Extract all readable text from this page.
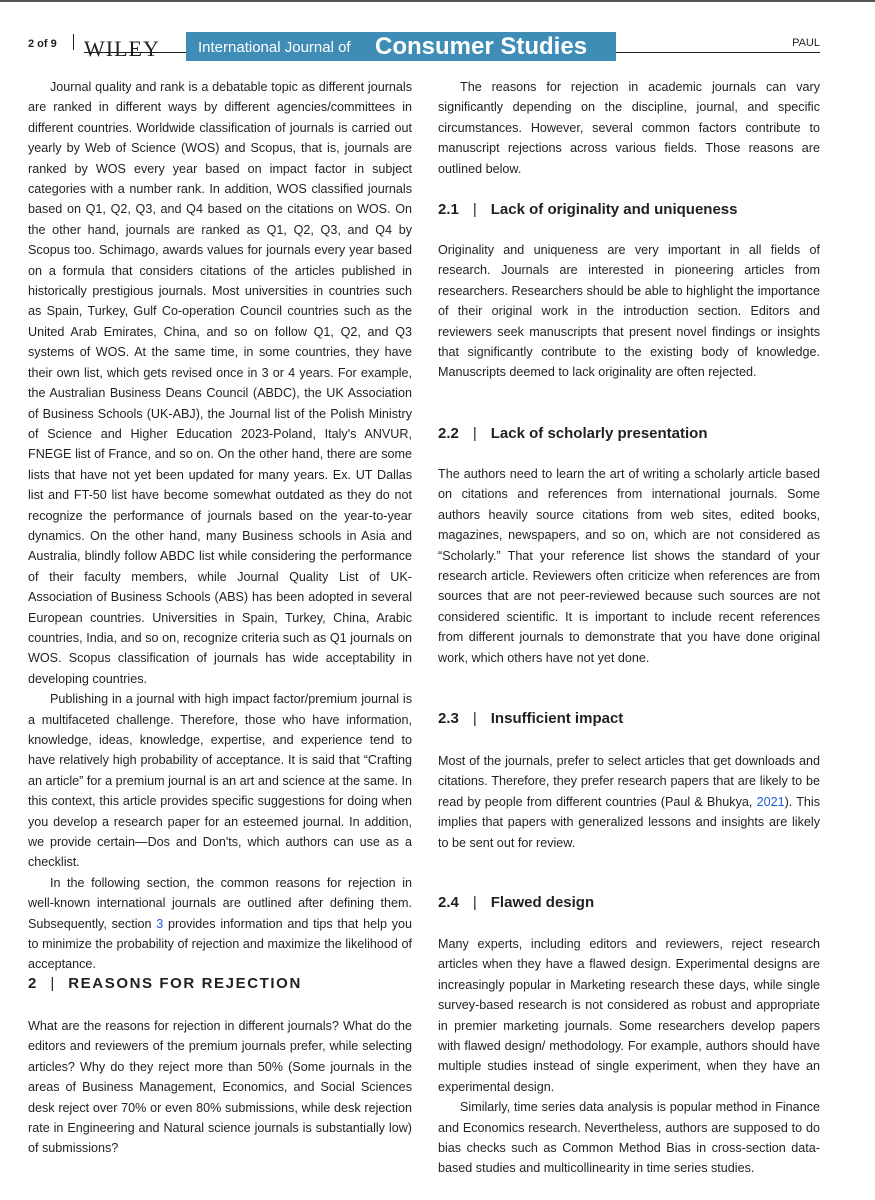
2 of 9 WILEY	International Journal of Consumer Studies	PAUL

Journal quality and rank is a debatable topic as different journals are ranked in different ways by different agencies/committees in different countries. Worldwide classification of journals is carried out yearly by Web of Science (WOS) and Scopus, that is, journals are ranked by WOS every year based on impact factor in subject categories with a number rank. In addition, WOS classified journals based on Q1, Q2, Q3, and Q4 based on the citations on WOS. On the other hand, journals are ranked as Q1, Q2, Q3, and Q4 by Scopus too. Schimago, awards values for journals every year based on a formula that considers citations of the articles published in historically prestigious journals. Most universities in countries such as Spain, Turkey, Gulf Co-operation Council countries such as the United Arab Emirates, China, and so on follow Q1, Q2, and Q3 systems of WOS. At the same time, in some countries, they have their own list, which gets revised once in 3 or 4 years. For example, the Australian Business Deans Council (ABDC), the UK Association of Business Schools (UK-ABJ), the Journal list of the Polish Ministry of Science and Higher Education 2023-Poland, Italy's ANVUR, FNEGE list of France, and so on. On the other hand, there are some lists that have not yet been updated for many years. Ex. UT Dallas list and FT-50 list have become somewhat outdated as they do not recognize the performance of journals based on the year-to-year dynamics. On the other hand, many Business schools in Asia and Australia, blindly follow ABDC list while considering the performance of their faculty members, while Journal Quality List of UK-Association of Business Schools (ABS) has been adopted in several European countries. Universities in Spain, Turkey, China, Arabic countries, India, and so on, recognize criteria such as Q1 journals on WOS. Scopus classification of journals has wide acceptability in developing countries.

Publishing in a journal with high impact factor/premium journal is a multifaceted challenge. Therefore, those who have information, knowledge, ideas, knowledge, expertise, and experience tend to have relatively high probability of acceptance. It is said that “Crafting an article” for a premium journal is an art and science at the same. In this context, this article provides specific suggestions for doing when you develop a research paper for an esteemed journal. In addition, we provide certain—Dos and Don'ts, which authors can use as a checklist.

In the following section, the common reasons for rejection in well-known international journals are outlined after defining them. Subsequently, section 3 provides information and tips that help you to minimize the probability of rejection and maximize the likelihood of acceptance.

2 | REASONS FOR REJECTION

What are the reasons for rejection in different journals? What do the editors and reviewers of the premium journals prefer, while selecting articles? Why do they reject more than 50% (Some journals in the areas of Business Management, Economics, and Social Sciences desk reject over 70% or even 80% submissions, while desk rejection rate in Engineering and Natural science journals is substantially low) of submissions?

The reasons for rejection in academic journals can vary significantly depending on the discipline, journal, and specific circumstances. However, several common factors contribute to manuscript rejections across various fields. Those reasons are outlined below.

2.1 | Lack of originality and uniqueness

Originality and uniqueness are very important in all fields of research. Journals are interested in pioneering articles from researchers. Researchers should be able to highlight the importance of their original work in the introduction section. Editors and reviewers seek manuscripts that present novel findings or insights that significantly contribute to the existing body of knowledge. Manuscripts deemed to lack originality are often rejected.

2.2 | Lack of scholarly presentation

The authors need to learn the art of writing a scholarly article based on citations and references from international journals. Some authors heavily source citations from web sites, edited books, magazines, newspapers, and so on, which are not considered as “Scholarly.” That your reference list shows the standard of your research article. Reviewers often criticize when references are from sources that are not peer-reviewed because such sources are not considered scientific. It is important to include recent references from different journals to demonstrate that you have done original work, which others have not yet done.

2.3 | Insufficient impact

Most of the journals, prefer to select articles that get downloads and citations. Therefore, they prefer research papers that are likely to be read by people from different countries (Paul & Bhukya, 2021). This implies that papers with generalized lessons and insights are likely to be sent out for review.

2.4 | Flawed design

Many experts, including editors and reviewers, reject research articles when they have a flawed design. Experimental designs are increasingly popular in Marketing research these days, while single survey-based research is not considered as robust and appropriate in premier marketing journals. Some researchers develop papers with flawed design/ methodology. For example, authors should have multiple studies instead of single experiment, when they have an experimental design.

Similarly, time series data analysis is popular method in Finance and Economics research. Nevertheless, authors are supposed to do bias checks such as Common Method Bias in cross-section data-based studies and multicollinearity in time series studies.
